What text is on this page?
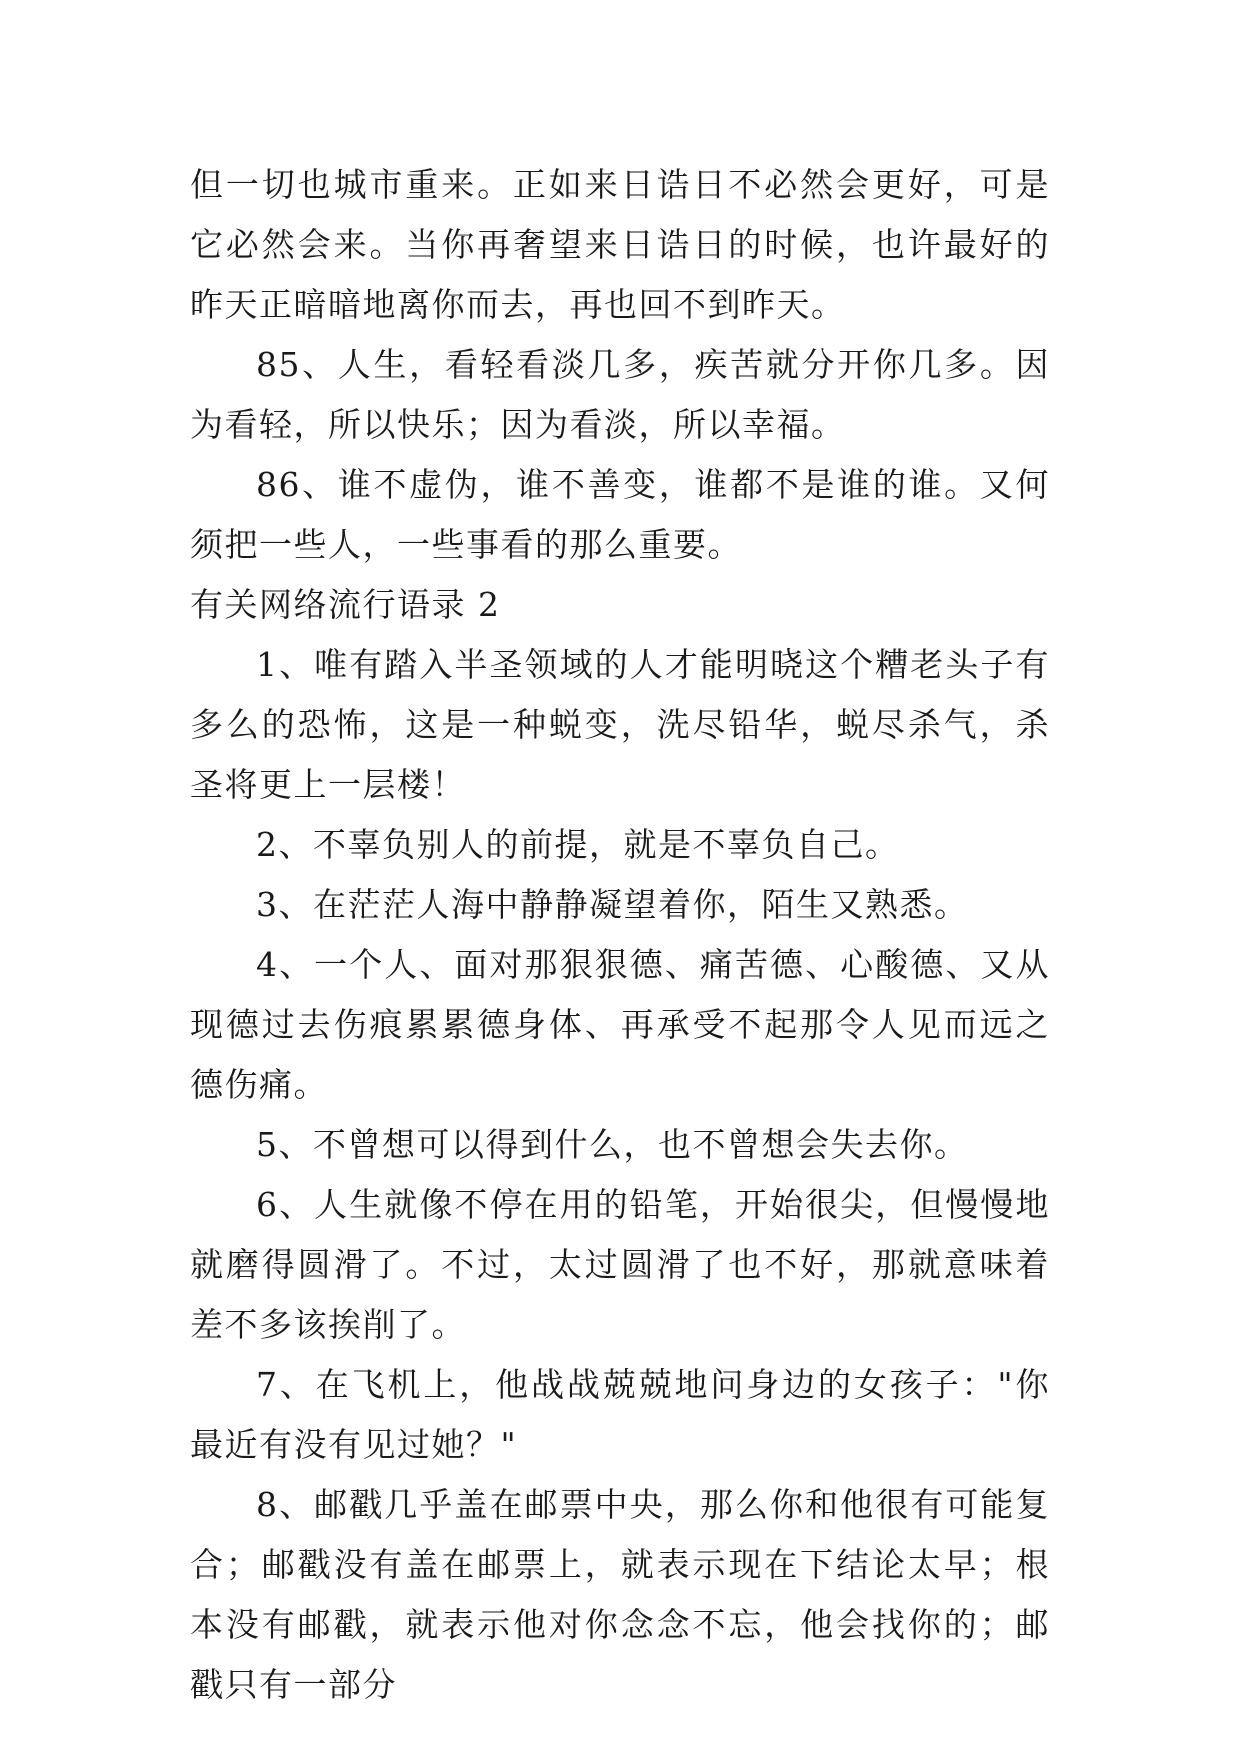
但一切也城市重来。正如来日诰日不必然会更好，可是它必然会来。当你再奢望来日诰日的时候，也许最好的昨天正暗暗地离你而去，再也回不到昨天。

85、人生，看轻看淡几多，疾苦就分开你几多。因为看轻，所以快乐；因为看淡，所以幸福。

86、谁不虚伪，谁不善变，谁都不是谁的谁。又何须把一些人，一些事看的那么重要。

有关网络流行语录 2

1、唯有踏入半圣领域的人才能明晓这个糟老头子有多么的恐怖，这是一种蜕变，洗尽铅华，蜕尽杀气，杀圣将更上一层楼！

2、不辜负别人的前提，就是不辜负自己。

3、在茫茫人海中静静凝望着你，陌生又熟悉。

4、一个人、面对那狠狠德、痛苦德、心酸德、又从现德过去伤痕累累德身体、再承受不起那令人见而远之德伤痛。

5、不曾想可以得到什么，也不曾想会失去你。

6、人生就像不停在用的铅笔，开始很尖，但慢慢地就磨得圆滑了。不过，太过圆滑了也不好，那就意味着差不多该挨削了。

7、在飞机上，他战战兢兢地问身边的女孩子："你最近有没有见过她？"

8、邮戳几乎盖在邮票中央，那么你和他很有可能复合；邮戳没有盖在邮票上，就表示现在下结论太早；根本没有邮戳，就表示他对你念念不忘，他会找你的；邮戳只有一部分
